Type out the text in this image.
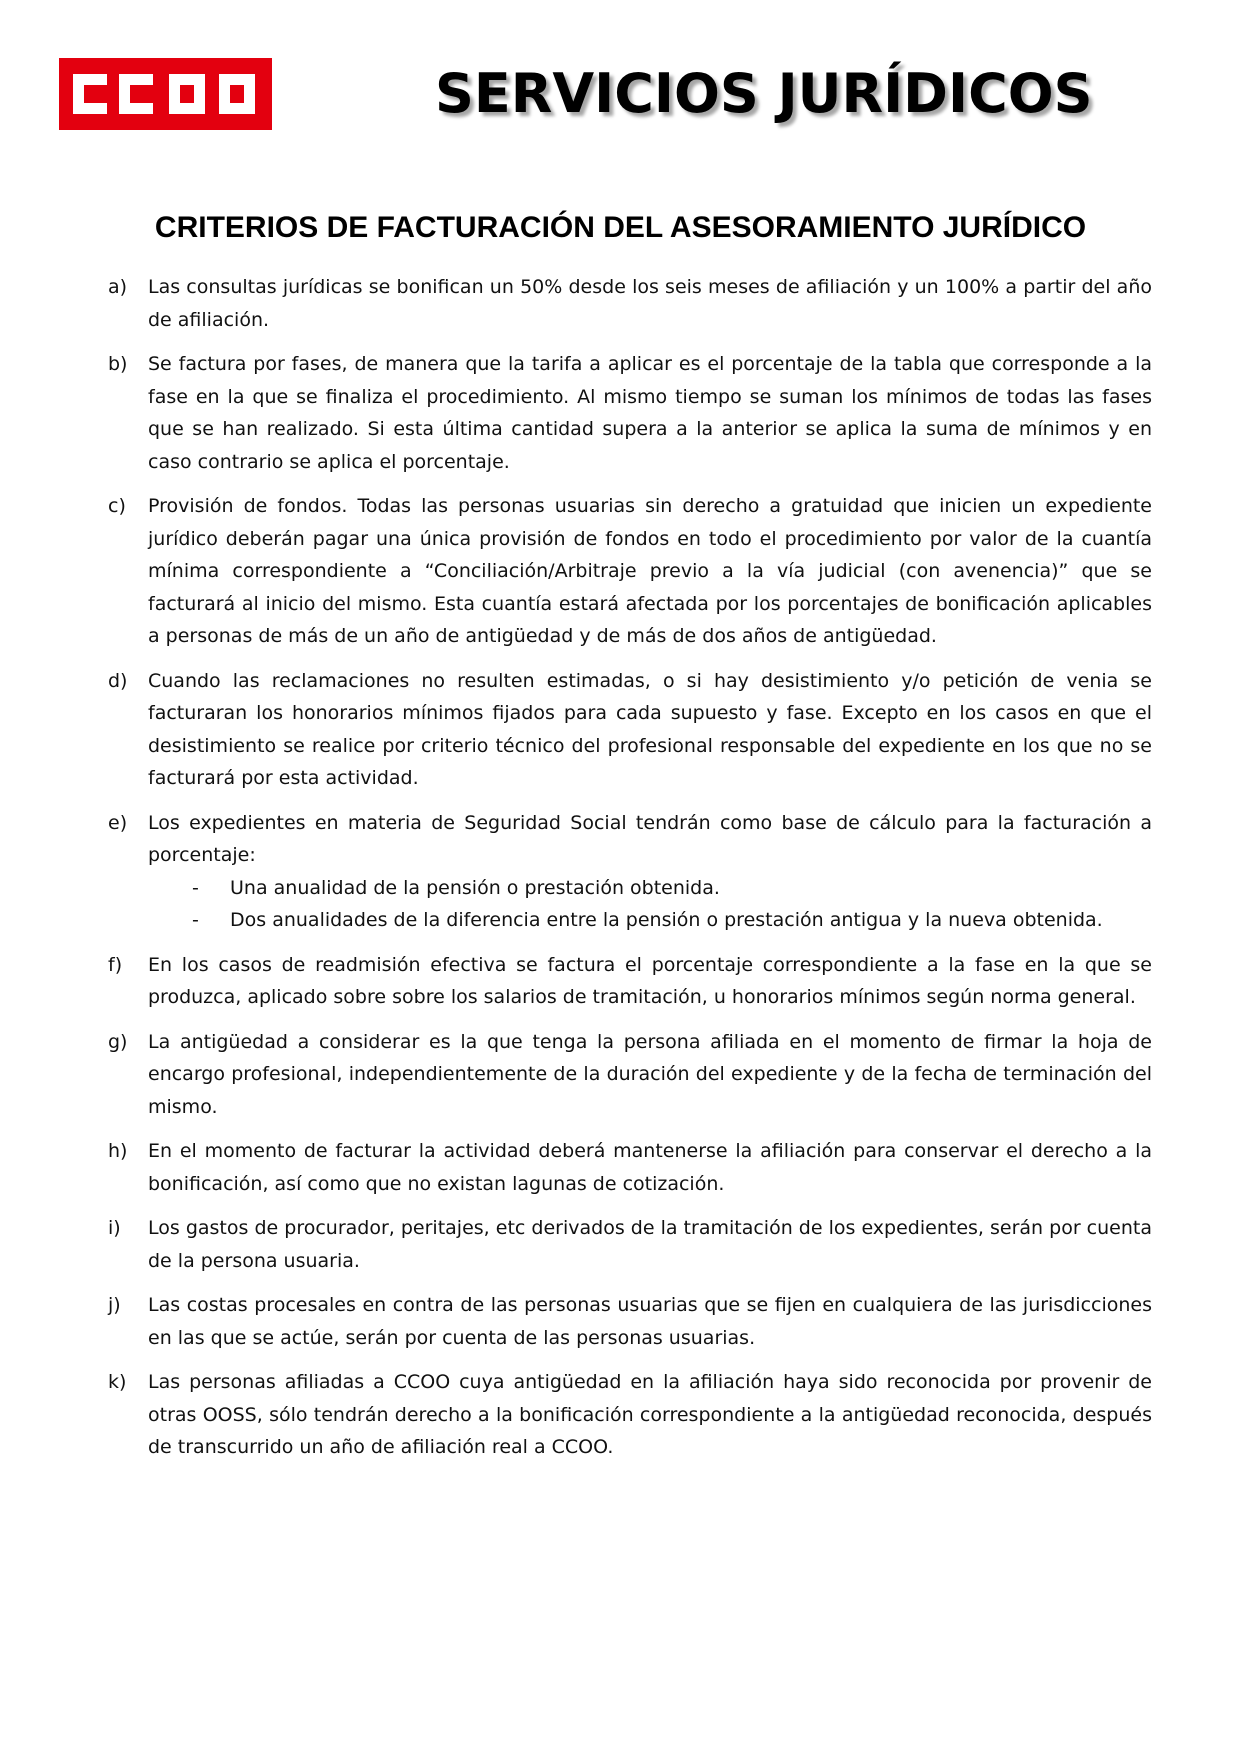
SERVICIOS JURÍDICOS
CRITERIOS DE FACTURACIÓN DEL ASESORAMIENTO JURÍDICO
a)	Las consultas jurídicas se bonifican un 50% desde los seis meses de afiliación y un 100% a partir del año de afiliación.
b)	Se factura por fases, de manera que la tarifa a aplicar es el porcentaje de la tabla que corresponde a la fase en la que se finaliza el procedimiento. Al mismo tiempo se suman los mínimos de todas las fases que se han realizado. Si esta última cantidad supera a la anterior se aplica la suma de mínimos y en caso contrario se aplica el porcentaje.
c)	Provisión de fondos. Todas las personas usuarias sin derecho a gratuidad que inicien un expediente jurídico deberán pagar una única provisión de fondos en todo el procedimiento por valor de la cuantía mínima correspondiente a “Conciliación/Arbitraje previo a la vía judicial (con avenencia)” que se facturará al inicio del mismo. Esta cuantía estará afectada por los porcentajes de bonificación aplicables a personas de más de un año de antigüedad y de más de dos años de antigüedad.
d)	Cuando las reclamaciones no resulten estimadas, o si hay desistimiento y/o petición de venia se facturaran los honorarios mínimos fijados para cada supuesto y fase. Excepto en los casos en que el desistimiento se realice por criterio técnico del profesional responsable del expediente en los que no se facturará por esta actividad.
e)	Los expedientes en materia de Seguridad Social tendrán como base de cálculo para la facturación a porcentaje:
- Una anualidad de la pensión o prestación obtenida.
- Dos anualidades de la diferencia entre la pensión o prestación antigua y la nueva obtenida.
f)	En los casos de readmisión efectiva se factura el porcentaje correspondiente a la fase en la que se produzca, aplicado sobre sobre los salarios de tramitación, u honorarios mínimos según norma general.
g)	La antigüedad a considerar es la que tenga la persona afiliada en el momento de firmar la hoja de encargo profesional, independientemente de la duración del expediente y de la fecha de terminación del mismo.
h)	En el momento de facturar la actividad deberá mantenerse la afiliación para conservar el derecho a la bonificación, así como que no existan lagunas de cotización.
i)	Los gastos de procurador, peritajes, etc derivados de la tramitación de los expedientes, serán por cuenta de la persona usuaria.
j)	Las costas procesales en contra de las personas usuarias que se fijen en cualquiera de las jurisdicciones en las que se actúe, serán por cuenta de las personas usuarias.
k)	Las personas afiliadas a CCOO cuya antigüedad en la afiliación haya sido reconocida por provenir de otras OOSS, sólo tendrán derecho a la bonificación correspondiente a la antigüedad reconocida, después de transcurrido un año de afiliación real a CCOO.
